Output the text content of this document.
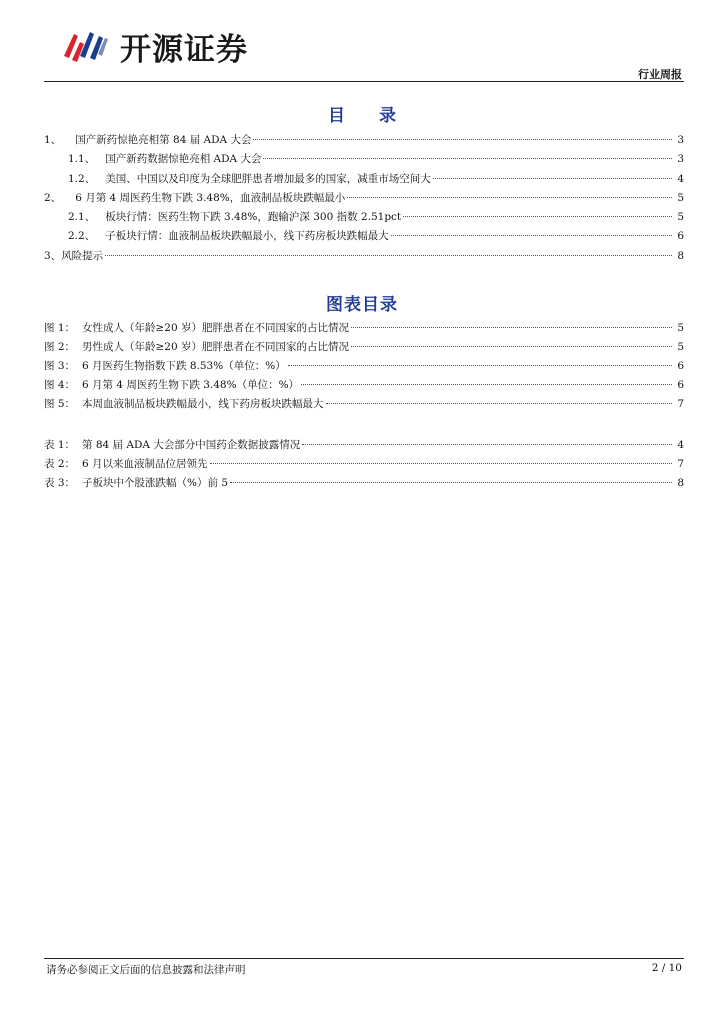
开源证券
行业周报
目 录
1、 国产新药惊艳亮相第 84 届 ADA 大会	3
1.1、 国产新药数据惊艳亮相 ADA 大会	3
1.2、 美国、中国以及印度为全球肥胖患者增加最多的国家，减重市场空间大	4
2、 6 月第 4 周医药生物下跌 3.48%，血液制品板块跌幅最小	5
2.1、 板块行情：医药生物下跌 3.48%，跑输沪深 300 指数 2.51pct	5
2.2、 子板块行情：血液制品板块跌幅最小，线下药房板块跌幅最大	6
3、 风险提示	8
图表目录
图 1： 女性成人（年龄≥20 岁）肥胖患者在不同国家的占比情况	5
图 2： 男性成人（年龄≥20 岁）肥胖患者在不同国家的占比情况	5
图 3： 6 月医药生物指数下跌 8.53%（单位：%）	6
图 4： 6 月第 4 周医药生物下跌 3.48%（单位：%）	6
图 5： 本周血液制品板块跌幅最小，线下药房板块跌幅最大	7
表 1： 第 84 届 ADA 大会部分中国药企数据披露情况	4
表 2： 6 月以来血液制品位居领先	7
表 3： 子板块中个股涨跌幅（%）前 5	8
请务必参阅正文后面的信息披露和法律声明	2 / 10
